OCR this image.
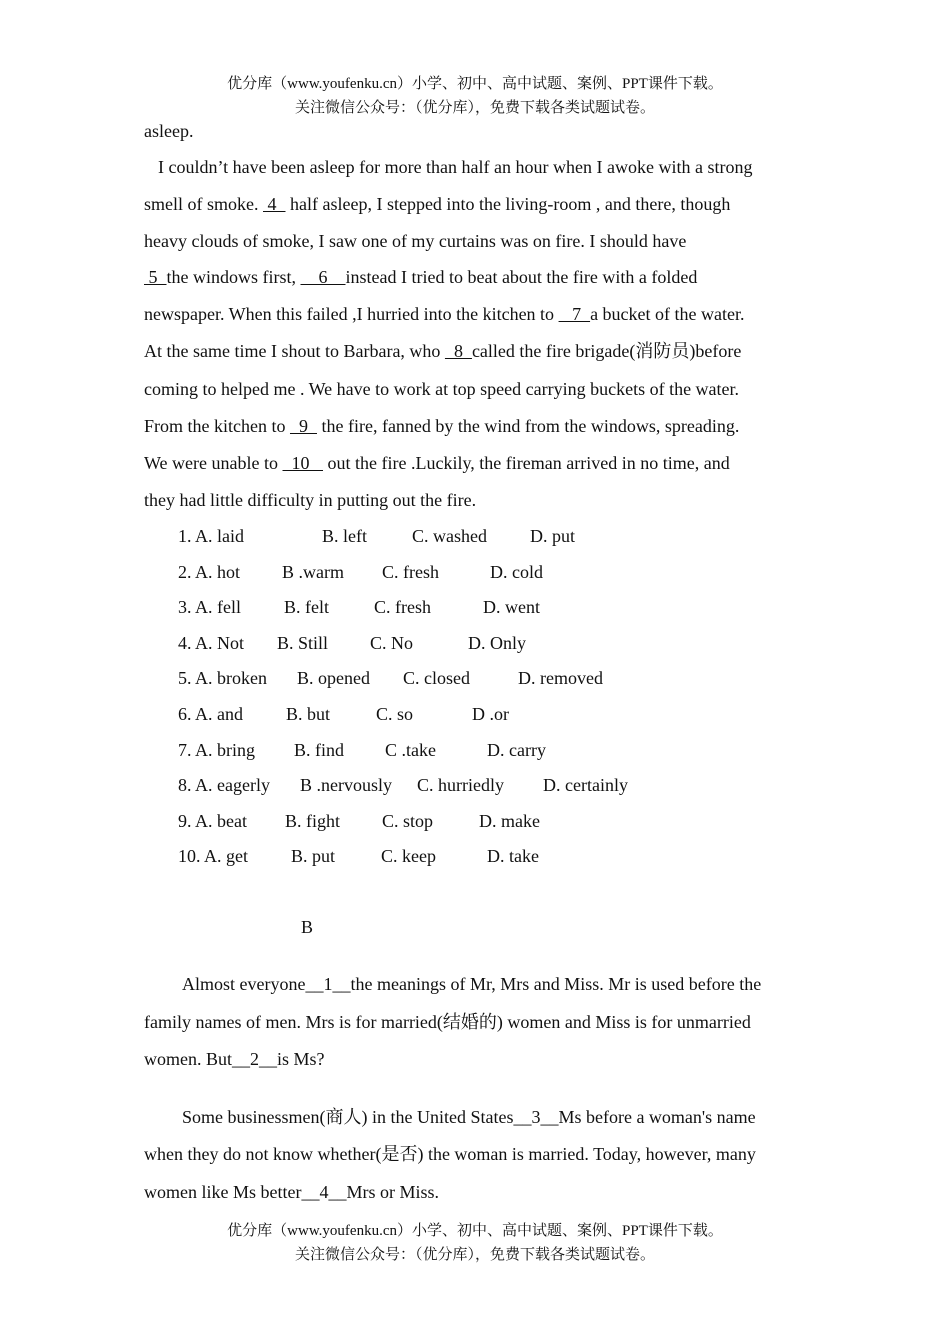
优分库（www.youfenku.cn）小学、初中、高中试题、案例、PPT课件下载。
关注微信公众号：（优分库），免费下载各类试题试卷。
asleep.
I couldn’t have been asleep for more than half an hour when I awoke with a strong
smell of smoke.  4   half asleep, I stepped into the living-room , and there, though
heavy clouds of smoke, I saw one of my curtains was on fire. I should have
5  the windows first,     6    instead I tried to beat about the fire with a folded
newspaper. When this failed ,I hurried into the kitchen to    7  a bucket of the water.
At the same time I shout to Barbara, who   8  called the fire brigade(消防员)before
coming to helped me . We have to work at top speed carrying buckets of the water.
From the kitchen to   9   the fire, fanned by the wind from the windows, spreading.
We were unable to   10    out the fire .Luckily, the fireman arrived in no time, and
they had little difficulty in putting out the fire.
1. A. laid	B. left	C. washed D. put
2. A. hot B .warm C. fresh	D. cold
3. A. fell B. felt	C. fresh	D. went
4. A. Not B. Still C. No	D. Only
5. A. broken B. opened C. closed	D. removed
6. A. and B. but	C. so	D .or
7. A. bring B. find C .take	D. carry
8. A. eagerly B .nervously C. hurriedly D. certainly
9. A. beat B. fight C. stop	D. make
10. A. get B. put	C. keep	D. take
B
Almost everyone__1__the meanings of Mr, Mrs and Miss. Mr is used before the
family names of men. Mrs is for married(结婚的) women and Miss is for unmarried
women. But__2__is Ms?
Some businessmen(商人) in the United States__3__Ms before a woman's name
when they do not know whether(是否) the woman is married. Today, however, many
women like Ms better__4__Mrs or Miss.
优分库（www.youfenku.cn）小学、初中、高中试题、案例、PPT课件下载。
关注微信公众号：（优分库），免费下载各类试题试卷。
